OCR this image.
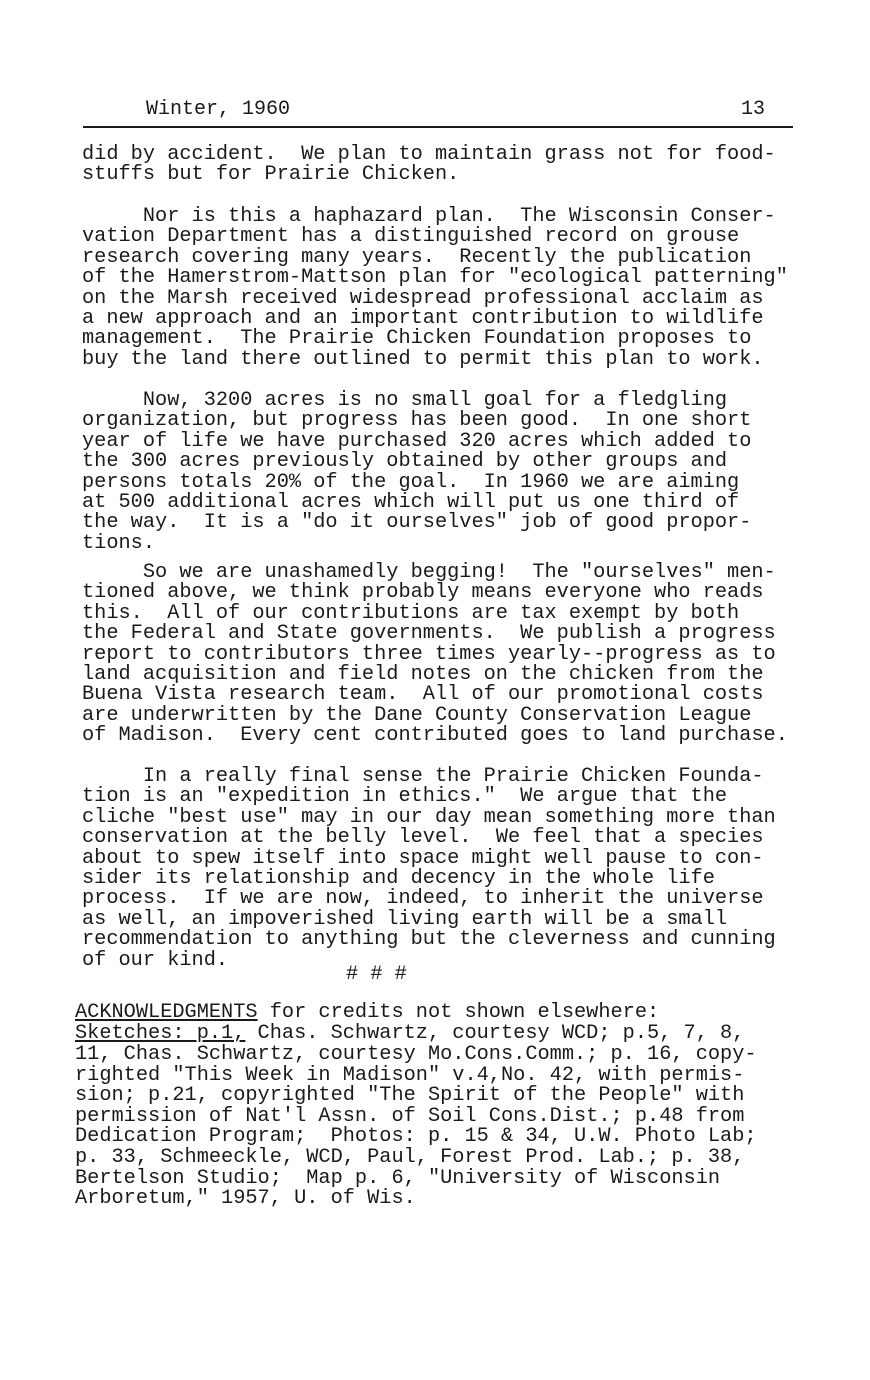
Winter, 1960	13
did by accident.  We plan to maintain grass not for food-
stuffs but for Prairie Chicken.
Nor is this a haphazard plan.  The Wisconsin Conser-
vation Department has a distinguished record on grouse
research covering many years.  Recently the publication
of the Hamerstrom-Mattson plan for "ecological patterning"
on the Marsh received widespread professional acclaim as
a new approach and an important contribution to wildlife
management.  The Prairie Chicken Foundation proposes to
buy the land there outlined to permit this plan to work.
Now, 3200 acres is no small goal for a fledgling
organization, but progress has been good.  In one short
year of life we have purchased 320 acres which added to
the 300 acres previously obtained by other groups and
persons totals 20% of the goal.  In 1960 we are aiming
at 500 additional acres which will put us one third of
the way.  It is a "do it ourselves" job of good propor-
tions.
So we are unashamedly begging!  The "ourselves" men-
tioned above, we think probably means everyone who reads
this.  All of our contributions are tax exempt by both
the Federal and State governments.  We publish a progress
report to contributors three times yearly--progress as to
land acquisition and field notes on the chicken from the
Buena Vista research team.  All of our promotional costs
are underwritten by the Dane County Conservation League
of Madison.  Every cent contributed goes to land purchase.
In a really final sense the Prairie Chicken Founda-
tion is an "expedition in ethics."  We argue that the
cliche "best use" may in our day mean something more than
conservation at the belly level.  We feel that a species
about to spew itself into space might well pause to con-
sider its relationship and decency in the whole life
process.  If we are now, indeed, to inherit the universe
as well, an impoverished living earth will be a small
recommendation to anything but the cleverness and cunning
of our kind.
# # #
ACKNOWLEDGMENTS for credits not shown elsewhere:
Sketches: p.1, Chas. Schwartz, courtesy WCD; p.5, 7, 8,
11, Chas. Schwartz, courtesy Mo.Cons.Comm.; p. 16, copy-
righted "This Week in Madison" v.4,No. 42, with permis-
sion; p.21, copyrighted "The Spirit of the People" with
permission of Nat'l Assn. of Soil Cons.Dist.; p.48 from
Dedication Program;  Photos: p. 15 & 34, U.W. Photo Lab;
p. 33, Schmeeckle, WCD, Paul, Forest Prod. Lab.; p. 38,
Bertelson Studio;  Map p. 6, "University of Wisconsin
Arboretum," 1957, U. of Wis.
